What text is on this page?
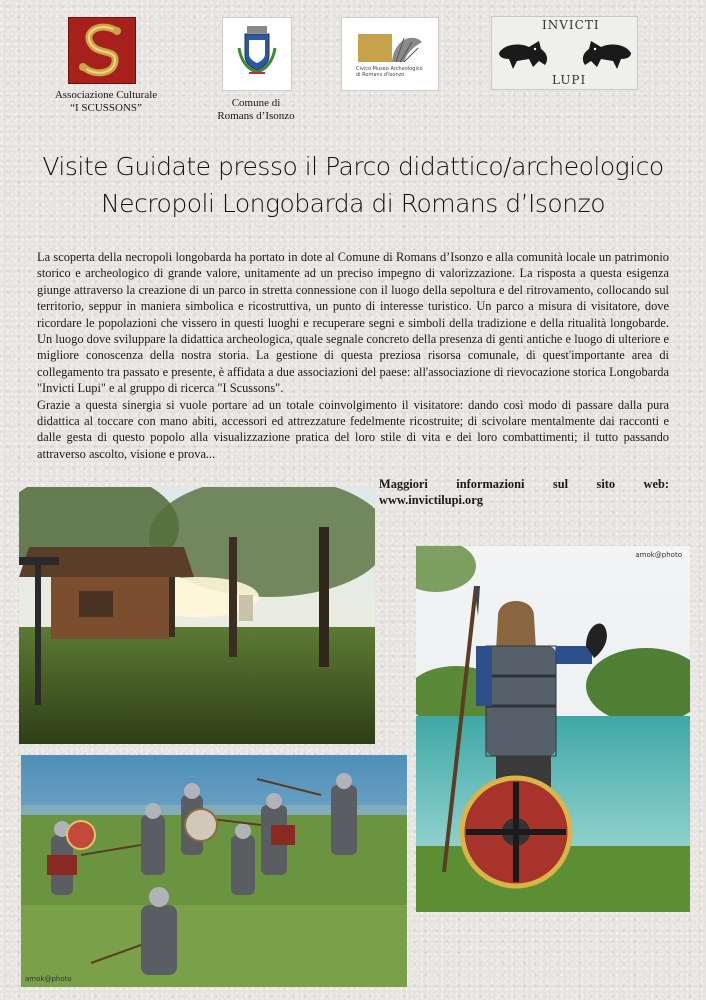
Associazione Culturale
“I SCUSSONS”	Comune di
Romans d’Isonzo
Civico Museo Archeologico
di Romans d'Isonzo
INVICTI
LUPI
Visite Guidate presso il Parco didattico/archeologico
Necropoli Longobarda di Romans d’Isonzo

La scoperta della necropoli longobarda ha portato in dote al Comune di Romans d’Isonzo e alla comunità locale un patrimonio storico e archeologico di grande valore, unitamente ad un preciso impegno di valorizzazione. La risposta a questa esigenza giunge attraverso la creazione di un parco in stretta connessione con il luogo della sepoltura e del ritrovamento, collocando sul territorio, seppur in maniera simbolica e ricostruttiva, un punto di interesse turistico. Un parco a misura di visitatore, dove ricordare le popolazioni che vissero in questi luoghi e recuperare segni e simboli della tradizione e della ritualità longobarde. Un luogo dove sviluppare la didattica archeologica, quale segnale concreto della presenza di genti antiche e luogo di ulteriore e migliore conoscenza della nostra storia. La gestione di questa preziosa risorsa comunale, di quest'importante area di collegamento tra passato e presente, è affidata a due associazioni del paese: all'associazione di rievocazione storica Longobarda "Invicti Lupi" e al gruppo di ricerca "I Scussons".

Grazie a questa sinergia si vuole portare ad un totale coinvolgimento il visitatore: dando così modo di passare dalla pura didattica al toccare con mano abiti, accessori ed attrezzature fedelmente ricostruite; di scivolare mentalmente dai racconti e dalle gesta di questo popolo alla visualizzazione pratica del loro stile di vita e dei loro combattimenti; il tutto passando attraverso ascolto, visione e prova...

Maggiori informazioni sul sito web:
www.invictilupi.org
amok@photo
amok@photo
